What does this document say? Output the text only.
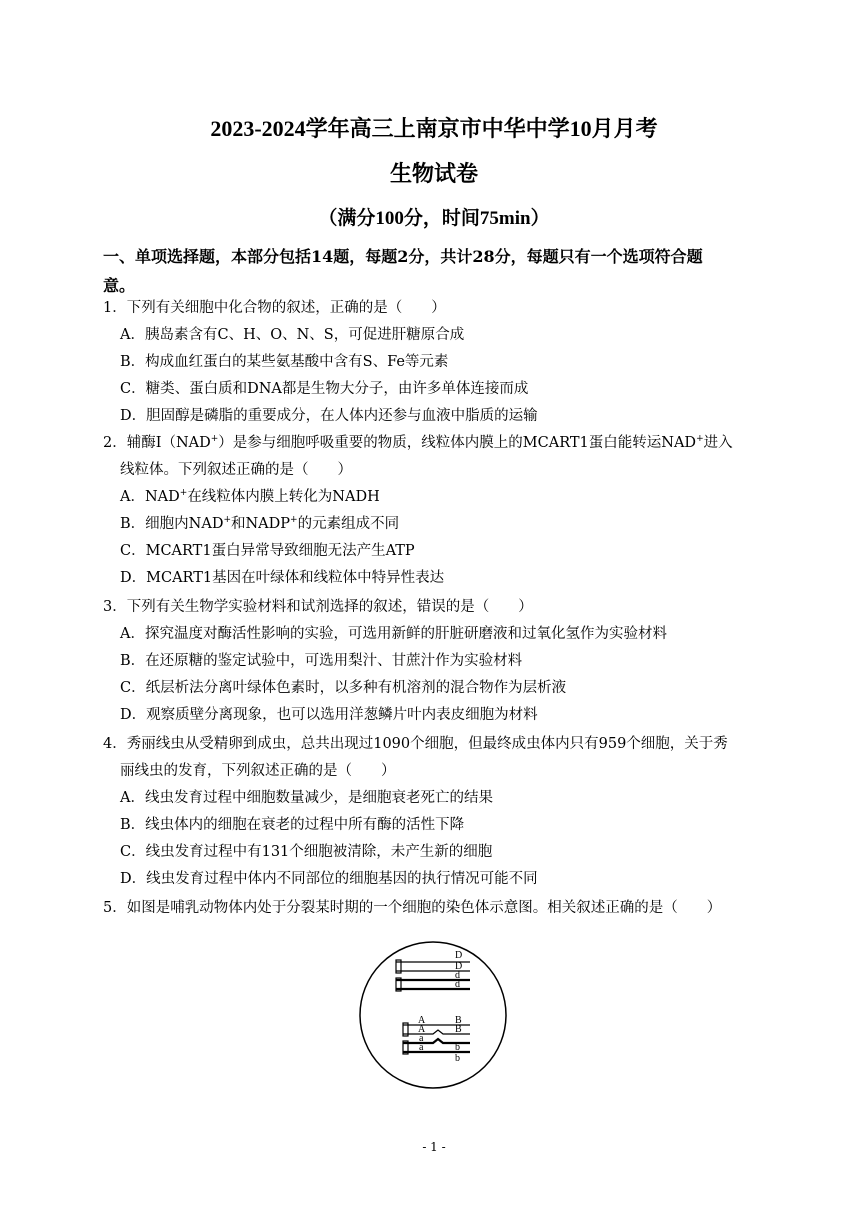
2023-2024学年高三上南京市中华中学10月月考
生物试卷
（满分100分，时间75min）
一、单项选择题，本部分包括14题，每题2分，共计28分，每题只有一个选项符合题
意。
1．下列有关细胞中化合物的叙述，正确的是（　　）
A．胰岛素含有C、H、O、N、S，可促进肝糖原合成
B．构成血红蛋白的某些氨基酸中含有S、Fe等元素
C．糖类、蛋白质和DNA都是生物大分子，由许多单体连接而成
D．胆固醇是磷脂的重要成分，在人体内还参与血液中脂质的运输
2．辅酶Ⅰ（NAD+）是参与细胞呼吸重要的物质，线粒体内膜上的MCART1蛋白能转运NAD+进入
线粒体。下列叙述正确的是（　　）
A．NAD+在线粒体内膜上转化为NADH
B．细胞内NAD+和NADP+的元素组成不同
C．MCART1蛋白异常导致细胞无法产生ATP
D．MCART1基因在叶绿体和线粒体中特异性表达
3．下列有关生物学实验材料和试剂选择的叙述，错误的是（　　）
A．探究温度对酶活性影响的实验，可选用新鲜的肝脏研磨液和过氧化氢作为实验材料
B．在还原糖的鉴定试验中，可选用梨汁、甘蔗汁作为实验材料
C．纸层析法分离叶绿体色素时，以多种有机溶剂的混合物作为层析液
D．观察质壁分离现象，也可以选用洋葱鳞片叶内表皮细胞为材料
4．秀丽线虫从受精卵到成虫，总共出现过1090个细胞，但最终成虫体内只有959个细胞，关于秀
丽线虫的发育，下列叙述正确的是（　　）
A．线虫发育过程中细胞数量减少，是细胞衰老死亡的结果
B．线虫体内的细胞在衰老的过程中所有酶的活性下降
C．线虫发育过程中有131个细胞被清除，未产生新的细胞
D．线虫发育过程中体内不同部位的细胞基因的执行情况可能不同
5．如图是哺乳动物体内处于分裂某时期的一个细胞的染色体示意图。相关叙述正确的是（　　）
D
D
d
d
A
A
a
a
B
B
b
b
- 1 -
